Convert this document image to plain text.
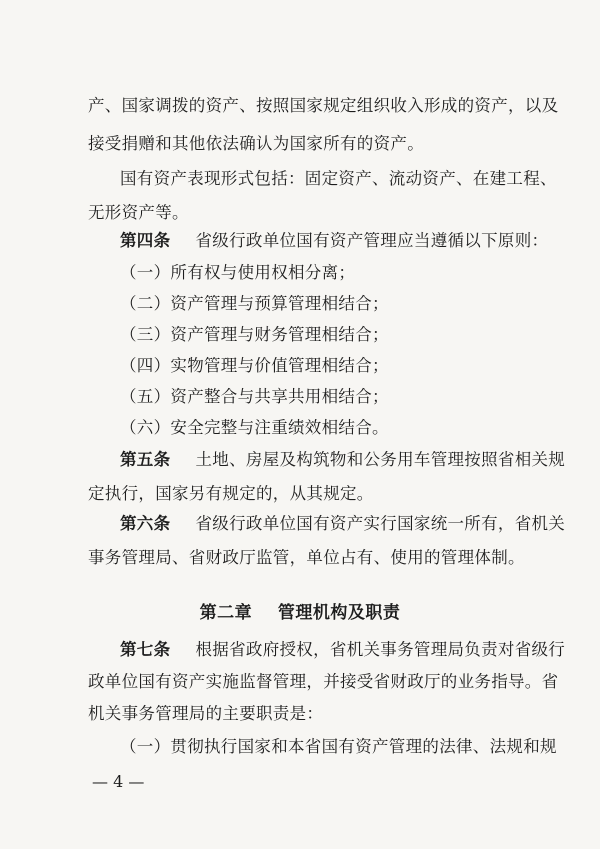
产、国家调拨的资产、按照国家规定组织收入形成的资产，以及
接受捐赠和其他依法确认为国家所有的资产。
国有资产表现形式包括：固定资产、流动资产、在建工程、
无形资产等。
第四条 省级行政单位国有资产管理应当遵循以下原则：
（一）所有权与使用权相分离；
（二）资产管理与预算管理相结合；
（三）资产管理与财务管理相结合；
（四）实物管理与价值管理相结合；
（五）资产整合与共享共用相结合；
（六）安全完整与注重绩效相结合。
第五条 土地、房屋及构筑物和公务用车管理按照省相关规
定执行，国家另有规定的，从其规定。
第六条 省级行政单位国有资产实行国家统一所有，省机关
事务管理局、省财政厅监管，单位占有、使用的管理体制。
第二章    管理机构及职责
第七条 根据省政府授权，省机关事务管理局负责对省级行
政单位国有资产实施监督管理，并接受省财政厅的业务指导。省
机关事务管理局的主要职责是：
（一）贯彻执行国家和本省国有资产管理的法律、法规和规
— 4 —
